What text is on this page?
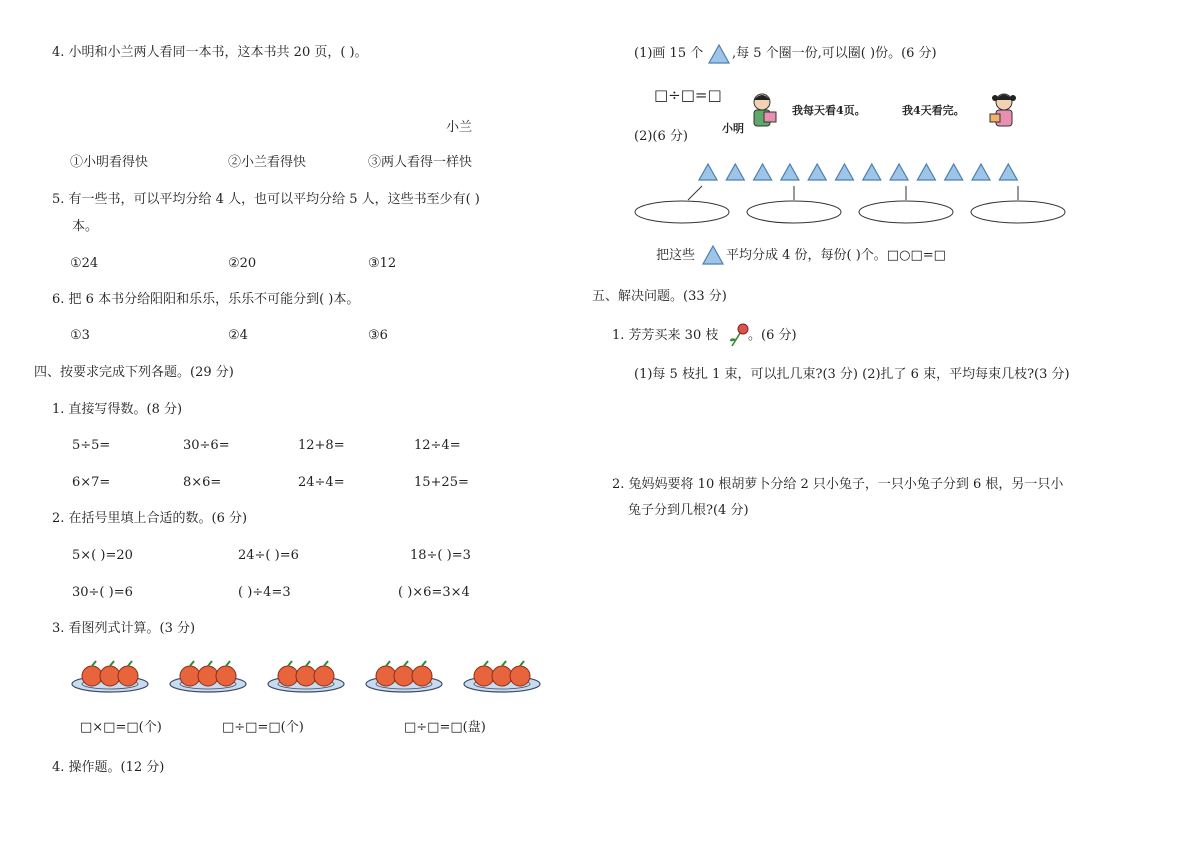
4. 小明和小兰两人看同一本书，这本书共 20 页，( )。
小兰
①小明看得快	②小兰看得快	③两人看得一样快
5. 有一些书，可以平均分给 4 人，也可以平均分给 5 人，这些书至少有( )
本。
①24	②20	③12
6. 把 6 本书分给阳阳和乐乐，乐乐不可能分到( )本。
①3	②4	③6
四、按要求完成下列各题。(29 分)
1. 直接写得数。(8 分)
5÷5=	30÷6=	12+8=	12÷4=
6×7=	8×6=	24÷4=	15+25=
2. 在括号里填上合适的数。(6 分)
5×( )=20	24÷( )=6	18÷( )=3
30÷( )=6	( )÷4=3	( )×6=3×4
3. 看图列式计算。(3 分)
□×□=□(个)	□÷□=□(个)	□÷□=□(盘)
4. 操作题。(12 分)
(1)画 15 个 ,每 5 个圈一份,可以圈( )份。(6 分)
□÷□=□
小明
我每天看4页。	我4天看完。
(2)(6 分)
把这些 平均分成 4 份，每份( )个。□○□=□
五、解决问题。(33 分)
1. 芳芳买来 30 枝 。(6 分)
(1)每 5 枝扎 1 束，可以扎几束?(3 分) (2)扎了 6 束，平均每束几枝?(3 分)
2. 兔妈妈要将 10 根胡萝卜分给 2 只小兔子，一只小兔子分到 6 根，另一只小
兔子分到几根?(4 分)
